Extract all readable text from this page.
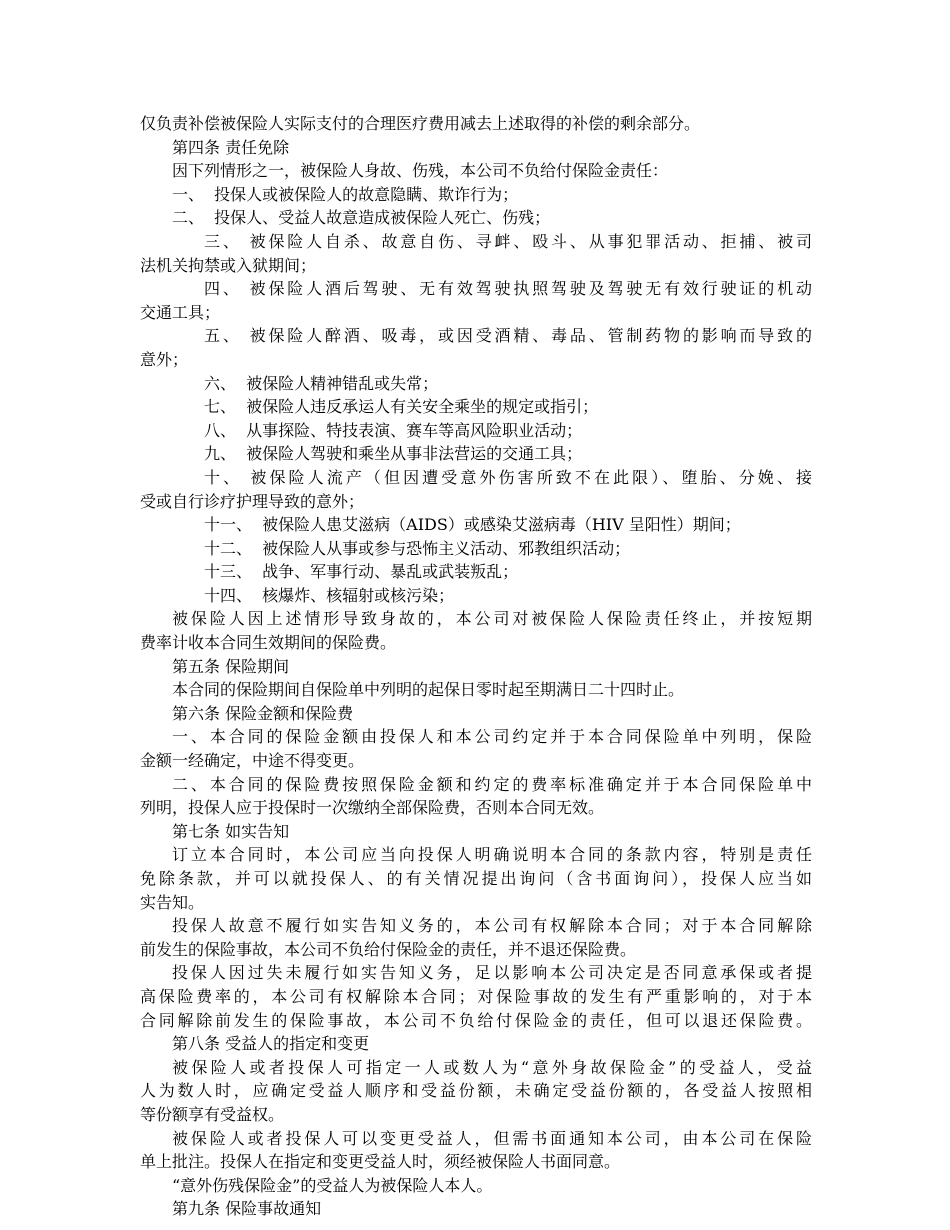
仅负责补偿被保险人实际支付的合理医疗费用减去上述取得的补偿的剩余部分。
第四条 责任免除
因下列情形之一，被保险人身故、伤残，本公司不负给付保险金责任：
一、  投保人或被保险人的故意隐瞒、欺诈行为；
二、  投保人、受益人故意造成被保险人死亡、伤残；
三、 被保险人自杀、故意自伤、寻衅、殴斗、从事犯罪活动、拒捕、被司
法机关拘禁或入狱期间；
四、 被保险人酒后驾驶、无有效驾驶执照驾驶及驾驶无有效行驶证的机动
交通工具；
五、 被保险人醉酒、吸毒，或因受酒精、毒品、管制药物的影响而导致的
意外；
六、  被保险人精神错乱或失常；
七、  被保险人违反承运人有关安全乘坐的规定或指引；
八、  从事探险、特技表演、赛车等高风险职业活动；
九、  被保险人驾驶和乘坐从事非法营运的交通工具；
十、 被保险人流产（但因遭受意外伤害所致不在此限）、堕胎、分娩、接
受或自行诊疗护理导致的意外；
十一、  被保险人患艾滋病（AIDS）或感染艾滋病毒（HIV 呈阳性）期间；
十二、  被保险人从事或参与恐怖主义活动、邪教组织活动；
十三、  战争、军事行动、暴乱或武装叛乱；
十四、  核爆炸、核辐射或核污染；
被保险人因上述情形导致身故的，本公司对被保险人保险责任终止，并按短期
费率计收本合同生效期间的保险费。
第五条 保险期间
本合同的保险期间自保险单中列明的起保日零时起至期满日二十四时止。
第六条 保险金额和保险费
一、本合同的保险金额由投保人和本公司约定并于本合同保险单中列明，保险
金额一经确定，中途不得变更。
二、本合同的保险费按照保险金额和约定的费率标准确定并于本合同保险单中
列明，投保人应于投保时一次缴纳全部保险费，否则本合同无效。
第七条 如实告知
订立本合同时，本公司应当向投保人明确说明本合同的条款内容，特别是责任
免除条款，并可以就投保人、的有关情况提出询问（含书面询问），投保人应当如
实告知。
投保人故意不履行如实告知义务的，本公司有权解除本合同；对于本合同解除
前发生的保险事故，本公司不负给付保险金的责任，并不退还保险费。
投保人因过失未履行如实告知义务，足以影响本公司决定是否同意承保或者提
高保险费率的，本公司有权解除本合同；对保险事故的发生有严重影响的，对于本
合同解除前发生的保险事故，本公司不负给付保险金的责任，但可以退还保险费。
第八条 受益人的指定和变更
被保险人或者投保人可指定一人或数人为“意外身故保险金”的受益人，受益
人为数人时，应确定受益人顺序和受益份额，未确定受益份额的，各受益人按照相
等份额享有受益权。
被保险人或者投保人可以变更受益人，但需书面通知本公司，由本公司在保险
单上批注。投保人在指定和变更受益人时，须经被保险人书面同意。
“意外伤残保险金”的受益人为被保险人本人。
第九条 保险事故通知
